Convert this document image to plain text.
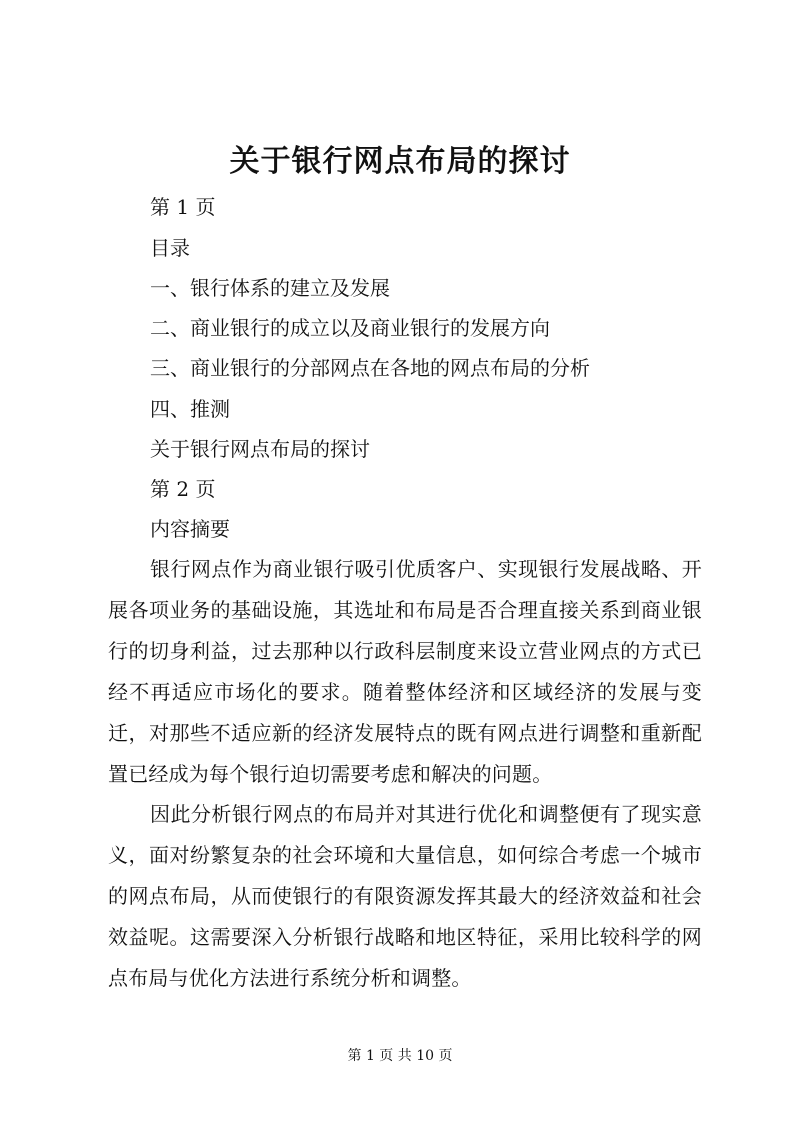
关于银行网点布局的探讨
第 1 页
目录
一、银行体系的建立及发展
二、商业银行的成立以及商业银行的发展方向
三、商业银行的分部网点在各地的网点布局的分析
四、推测
关于银行网点布局的探讨
第 2 页
内容摘要
银行网点作为商业银行吸引优质客户、实现银行发展战略、开展各项业务的基础设施，其选址和布局是否合理直接关系到商业银行的切身利益，过去那种以行政科层制度来设立营业网点的方式已经不再适应市场化的要求。随着整体经济和区域经济的发展与变迁，对那些不适应新的经济发展特点的既有网点进行调整和重新配置已经成为每个银行迫切需要考虑和解决的问题。
因此分析银行网点的布局并对其进行优化和调整便有了现实意义，面对纷繁复杂的社会环境和大量信息，如何综合考虑一个城市的网点布局，从而使银行的有限资源发挥其最大的经济效益和社会效益呢。这需要深入分析银行战略和地区特征，采用比较科学的网点布局与优化方法进行系统分析和调整。
第 1 页 共 10 页
